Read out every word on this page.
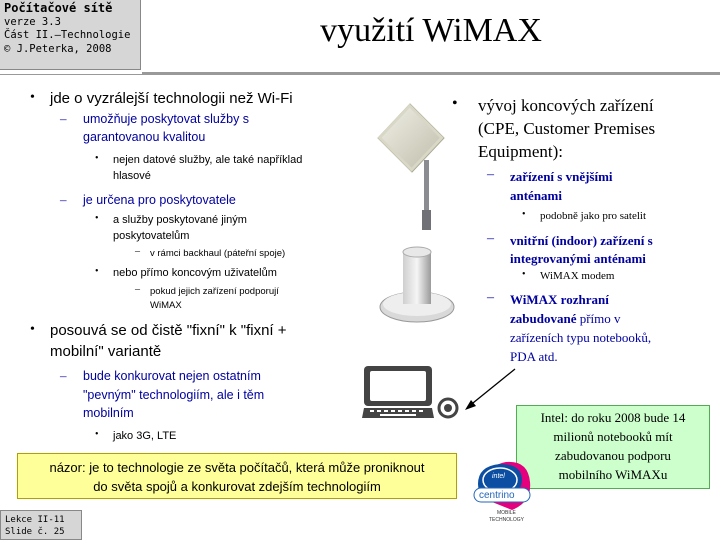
Počítačové sítě
verze 3.3
Část II.–Technologie
© J.Peterka, 2008	využití WiMAX
• jde o vyzrálejší technologii než Wi-Fi
– umožňuje poskytovat služby s
garantovanou kvalitou
• nejen datové služby, ale také například
hlasové
– je určena pro poskytovatele
• a služby poskytované jiným
poskytovatelům
– v rámci backhaul (páteřní spoje)
• nebo přímo koncovým uživatelům
– pokud jejich zařízení podporují
WiMAX
• posouvá se od čistě "fixní" k "fixní +
mobilní" variantě
– bude konkurovat nejen ostatním
"pevným" technologiím, ale i těm
mobilním
• jako 3G, LTE
• vývoj koncových zařízení
(CPE, Customer Premises
Equipment):
– zařízení s vnějšími
anténami
• podobně jako pro satelit
– vnitřní (indoor) zařízení s
integrovanými anténami
• WiMAX modem
– WiMAX rozhraní
zabudované přímo v
zařízeních typu notebooků,
PDA atd.
Intel: do roku 2008 bude 14
milionů notebooků mít
zabudovanou podporu
mobilního WiMAXu
názor: je to technologie ze světa počítačů, která může proniknout
do světa spojů a konkurovat zdejším technologiím
intel
centrino
MOBILE
TECHNOLOGY
Lekce II-11
Slide č. 25
